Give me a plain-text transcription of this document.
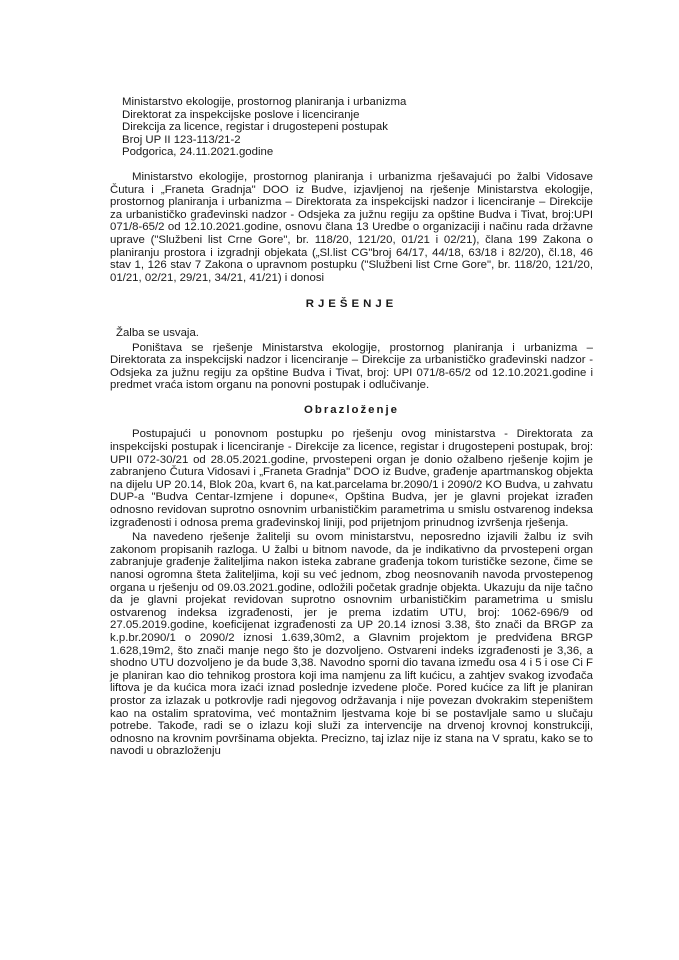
Ministarstvo ekologije, prostornog planiranja i urbanizma
Direktorat za inspekcijske poslove i licenciranje
Direkcija za licence, registar i drugostepeni postupak
Broj UP II 123-113/21-2
Podgorica, 24.11.2021.godine

Ministarstvo ekologije, prostornog planiranja i urbanizma rješavajući po žalbi Vidosave Čutura i „Franeta Gradnja" DOO iz Budve, izjavljenoj na rješenje Ministarstva ekologije, prostornog planiranja i urbanizma – Direktorata za inspekcijski nadzor i licenciranje – Direkcije za urbanističko građevinski nadzor - Odsjeka za južnu regiju za opštine Budva i Tivat, broj:UPI 071/8-65/2 od 12.10.2021.godine, osnovu člana 13 Uredbe o organizaciji i načinu rada državne uprave ("Službeni list Crne Gore", br. 118/20, 121/20, 01/21 i 02/21), člana 199 Zakona o planiranju prostora i izgradnji objekata („Sl.list CG"broj 64/17, 44/18, 63/18 i 82/20), čl.18, 46 stav 1, 126 stav 7 Zakona o upravnom postupku ("Službeni list Crne Gore", br. 118/20, 121/20, 01/21, 02/21, 29/21, 34/21, 41/21) i donosi

RJEŠENJE

Žalba se usvaja.

Poništava se rješenje Ministarstva ekologije, prostornog planiranja i urbanizma – Direktorata za inspekcijski nadzor i licenciranje – Direkcije za urbanističko građevinski nadzor - Odsjeka za južnu regiju za opštine Budva i Tivat, broj: UPI 071/8-65/2 od 12.10.2021.godine i predmet vraća istom organu na ponovni postupak i odlučivanje.

Obrazloženje

Postupajući u ponovnom postupku po rješenju ovog ministarstva - Direktorata za inspekcijski postupak i licenciranje - Direkcije za licence, registar i drugostepeni postupak, broj: UPII 072-30/21 od 28.05.2021.godine, prvostepeni organ je donio ožalbeno rješenje kojim je zabranjeno Čutura Vidosavi i „Franeta Gradnja" DOO iz Budve, građenje apartmanskog objekta na dijelu UP 20.14, Blok 20a, kvart 6, na kat.parcelama br.2090/1 i 2090/2 KO Budva, u zahvatu DUP-a "Budva Centar-Izmjene i dopune«, Opština Budva, jer je glavni projekat izrađen odnosno revidovan suprotno osnovnim urbanističkim parametrima u smislu ostvarenog indeksa izgrađenosti i odnosa prema građevinskoj liniji, pod prijetnjom prinudnog izvršenja rješenja.

Na navedeno rješenje žalitelji su ovom ministarstvu, neposredno izjavili žalbu iz svih zakonom propisanih razloga. U žalbi u bitnom navode, da je indikativno da prvostepeni organ zabranjuje građenje žaliteljima nakon isteka zabrane građenja tokom turističke sezone, čime se nanosi ogromna šteta žaliteljima, koji su već jednom, zbog neosnovanih navoda prvostepenog organa u rješenju od 09.03.2021.godine, odložili početak gradnje objekta. Ukazuju da nije tačno da je glavni projekat revidovan suprotno osnovnim urbanističkim parametrima u smislu ostvarenog indeksa izgrađenosti, jer je prema izdatim UTU, broj: 1062-696/9 od 27.05.2019.godine, koeficijenat izgrađenosti za UP 20.14 iznosi 3.38, što znači da BRGP za k.p.br.2090/1 o 2090/2 iznosi 1.639,30m2, a Glavnim projektom je predviđena BRGP 1.628,19m2, što znači manje nego što je dozvoljeno. Ostvareni indeks izgrađenosti je 3,36, a shodno UTU dozvoljeno je da bude 3,38. Navodno sporni dio tavana između osa 4 i 5 i ose Ci F je planiran kao dio tehnikog prostora koji ima namjenu za lift kućicu, a zahtjev svakog izvođača liftova je da kućica mora izaći iznad poslednje izvedene ploče. Pored kućice za lift je planiran prostor za izlazak u potkrovlje radi njegovog održavanja i nije povezan dvokrakim stepeništem kao na ostalim spratovima, već montažnim ljestvama koje bi se postavljale samo u slučaju potrebe. Takođe, radi se o izlazu koji služi za intervencije na drvenoj krovnoj konstrukciji, odnosno na krovnim površinama objekta. Precizno, taj izlaz nije iz stana na V spratu, kako se to navodi u obrazloženju
